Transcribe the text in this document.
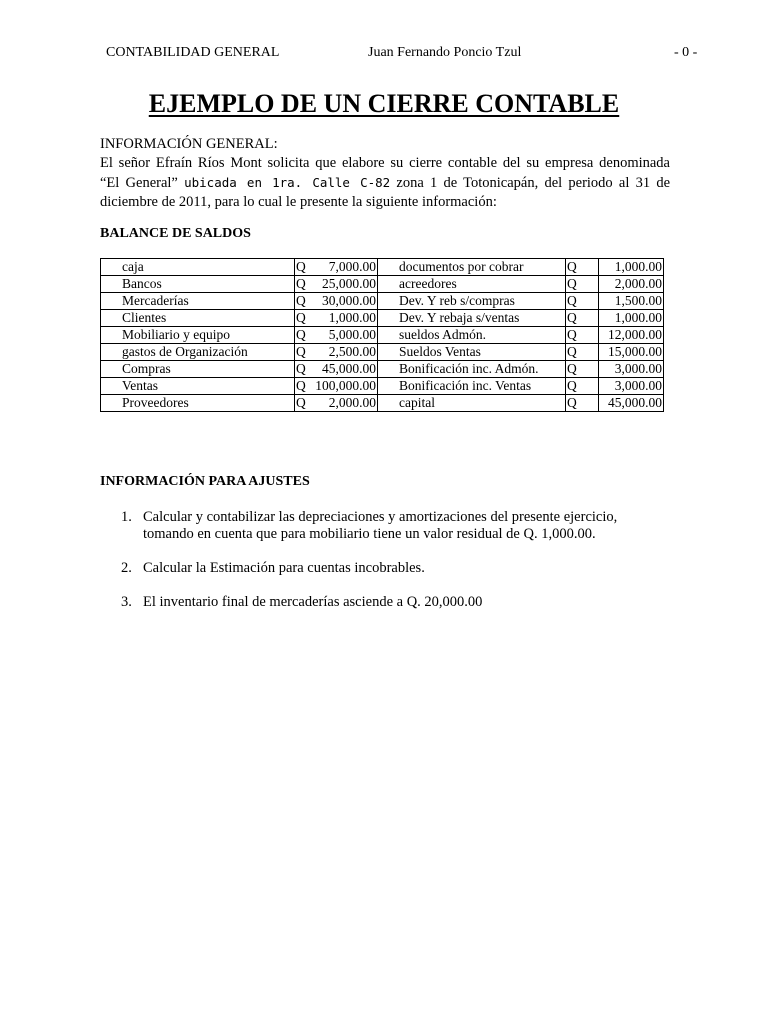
CONTABILIDAD GENERAL	Juan Fernando Poncio Tzul	- 0 -
EJEMPLO DE UN CIERRE CONTABLE
INFORMACIÓN GENERAL:
El señor Efraín Ríos Mont solicita que elabore su cierre contable del su empresa denominada
“El General” ubicada en 1ra. Calle C-82 zona 1 de Totonicapán, del periodo al 31 de
diciembre de 2011, para lo cual le presente la siguiente información:
BALANCE DE SALDOS
	caja	Q 7,000.00		documentos por cobrar	Q	1,000.00
	Bancos	Q 25,000.00		acreedores	Q	2,000.00
	Mercaderías	Q 30,000.00		Dev. Y reb s/compras	Q	1,500.00
	Clientes	Q 1,000.00		Dev. Y rebaja s/ventas	Q	1,000.00
	Mobiliario y equipo	Q 5,000.00		sueldos Admón.	Q	12,000.00
	gastos de Organización	Q 2,500.00		Sueldos Ventas	Q	15,000.00
	Compras	Q 45,000.00		Bonificación inc. Admón.	Q	3,000.00
	Ventas	Q 100,000.00		Bonificación inc. Ventas	Q	3,000.00
	Proveedores	Q 2,000.00		capital	Q	45,000.00
INFORMACIÓN PARA AJUSTES
1. Calcular y contabilizar las depreciaciones y amortizaciones del presente ejercicio, tomando en cuenta que para mobiliario tiene un valor residual de Q. 1,000.00.
2. Calcular la Estimación para cuentas incobrables.
3. El inventario final de mercaderías asciende a Q. 20,000.00
